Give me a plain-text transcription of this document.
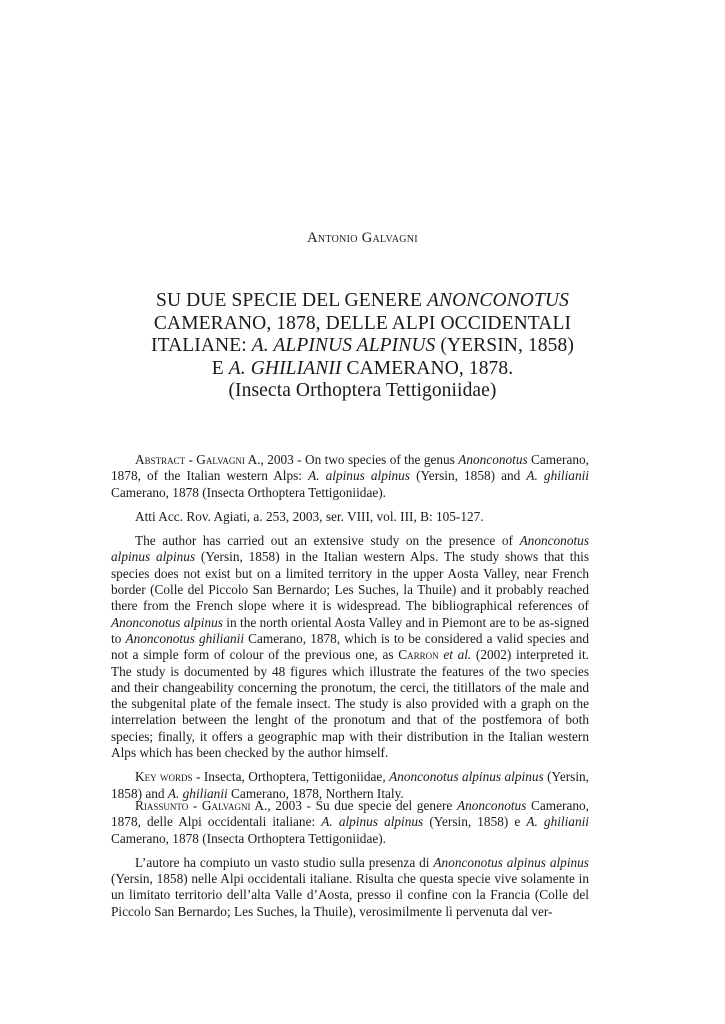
Antonio Galvagni
SU DUE SPECIE DEL GENERE ANONCONOTUS
CAMERANO, 1878, DELLE ALPI OCCIDENTALI
ITALIANE: A. ALPINUS ALPINUS (YERSIN, 1858)
E A. GHILIANII CAMERANO, 1878.
(Insecta Orthoptera Tettigoniidae)

Abstract - Galvagni A., 2003 - On two species of the genus Anonconotus Camerano, 1878, of the Italian western Alps: A. alpinus alpinus (Yersin, 1858) and A. ghilianii Camerano, 1878 (Insecta Orthoptera Tettigoniidae).

Atti Acc. Rov. Agiati, a. 253, 2003, ser. VIII, vol. III, B: 105-127.

The author has carried out an extensive study on the presence of Anonconotus alpinus alpinus (Yersin, 1858) in the Italian western Alps. The study shows that this species does not exist but on a limited territory in the upper Aosta Valley, near French border (Colle del Piccolo San Bernardo; Les Suches, la Thuile) and it probably reached there from the French slope where it is widespread. The bibliographical references of Anonconotus alpinus in the north oriental Aosta Valley and in Piemont are to be as-signed to Anonconotus ghilianii Camerano, 1878, which is to be considered a valid species and not a simple form of colour of the previous one, as Carron et al. (2002) interpreted it. The study is documented by 48 figures which illustrate the features of the two species and their changeability concerning the pronotum, the cerci, the titillators of the male and the subgenital plate of the female insect. The study is also provided with a graph on the interrelation between the lenght of the pronotum and that of the postfemora of both species; finally, it offers a geographic map with their distribution in the Italian western Alps which has been checked by the author himself.

Key words - Insecta, Orthoptera, Tettigoniidae, Anonconotus alpinus alpinus (Yersin, 1858) and A. ghilianii Camerano, 1878, Northern Italy.

Riassunto - Galvagni A., 2003 - Su due specie del genere Anonconotus Camerano, 1878, delle Alpi occidentali italiane: A. alpinus alpinus (Yersin, 1858) e A. ghilianii Camerano, 1878 (Insecta Orthoptera Tettigoniidae).

L’autore ha compiuto un vasto studio sulla presenza di Anonconotus alpinus alpinus (Yersin, 1858) nelle Alpi occidentali italiane. Risulta che questa specie vive solamente in un limitato territorio dell’alta Valle d’Aosta, presso il confine con la Francia (Colle del Piccolo San Bernardo; Les Suches, la Thuile), verosimilmente lì pervenuta dal ver-
